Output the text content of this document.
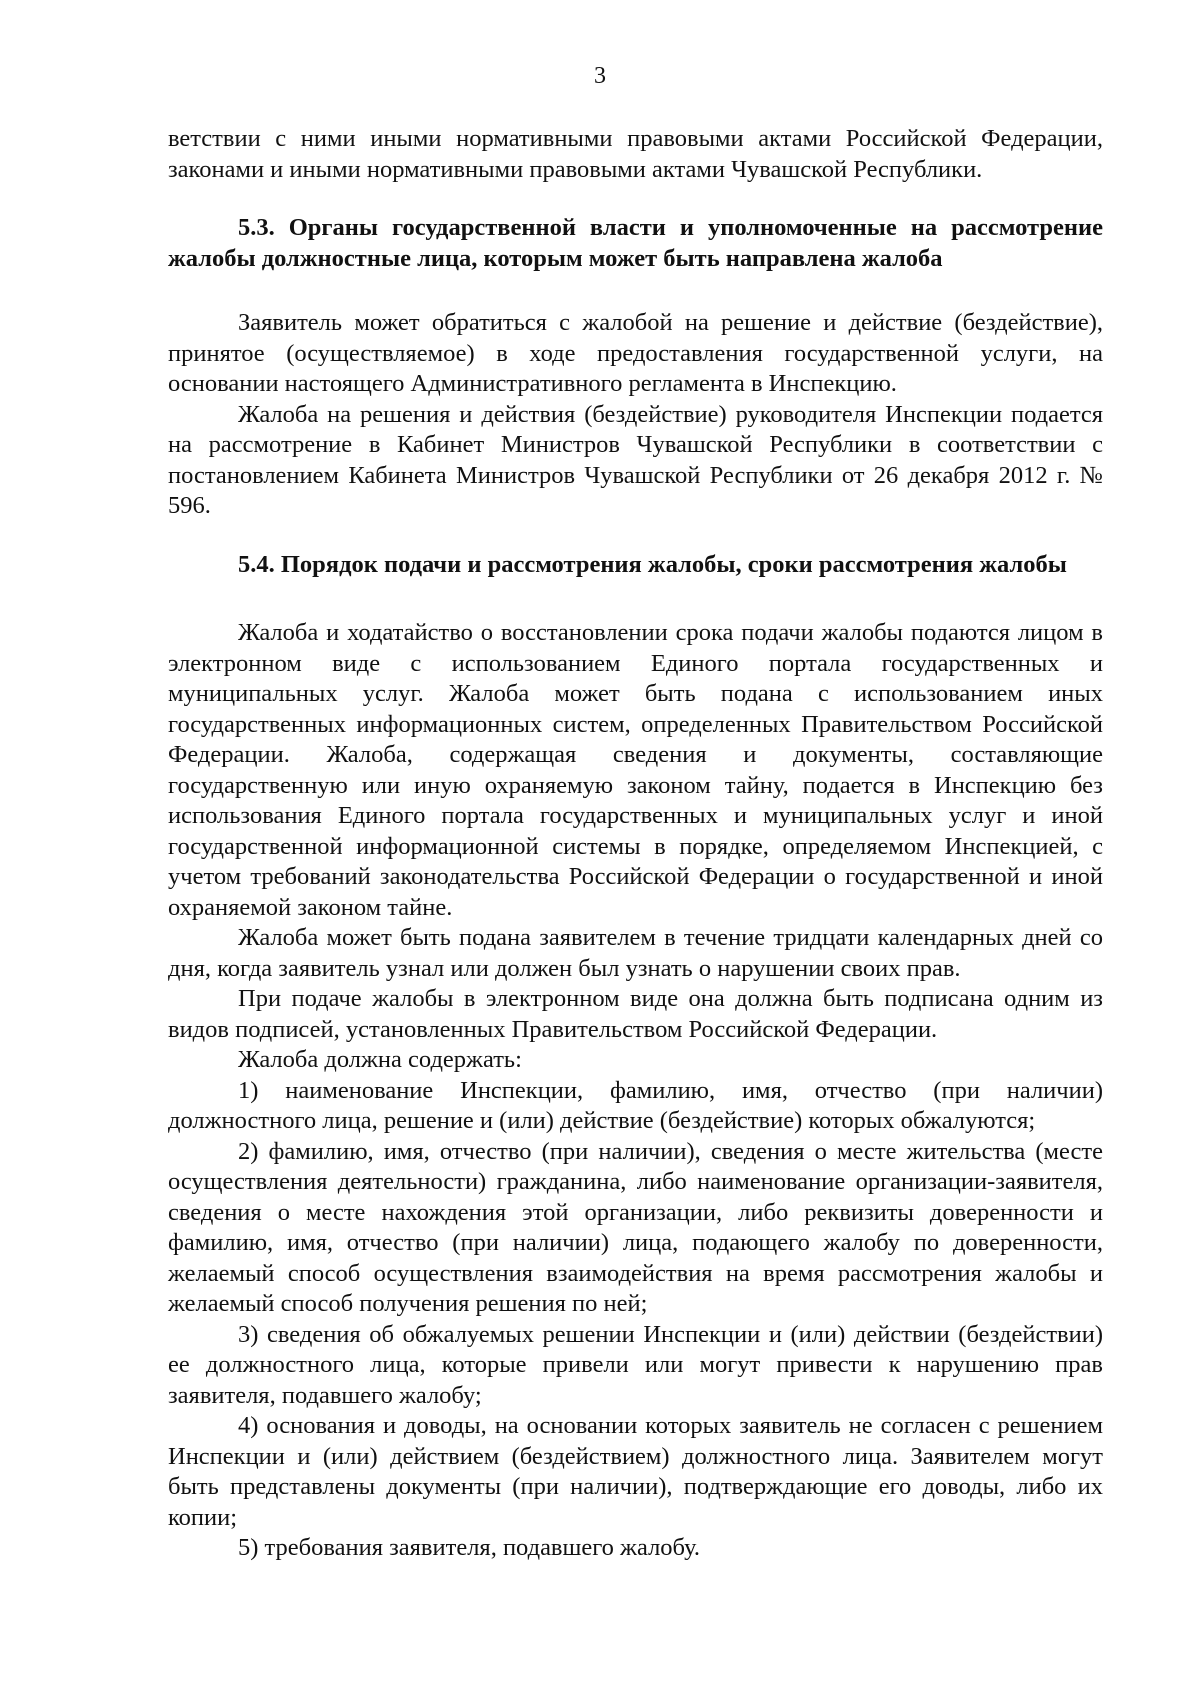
3

ветствии с ними иными нормативными правовыми актами Российской Федерации, законами и иными нормативными правовыми актами Чувашской Республики.

5.3. Органы государственной власти и уполномоченные на рассмотрение жалобы должностные лица, которым может быть направлена жалоба

Заявитель может обратиться с жалобой на решение и действие (бездействие), принятое (осуществляемое) в ходе предоставления государственной услуги, на основании настоящего Административного регламента в Инспекцию.

Жалоба на решения и действия (бездействие) руководителя Инспекции подается на рассмотрение в Кабинет Министров Чувашской Республики в соответствии с постановлением Кабинета Министров Чувашской Республики от 26 декабря 2012 г. № 596.

5.4. Порядок подачи и рассмотрения жалобы, сроки рассмотрения жалобы

Жалоба и ходатайство о восстановлении срока подачи жалобы подаются лицом в электронном виде с использованием Единого портала государственных и муниципальных услуг. Жалоба может быть подана с использованием иных государственных информационных систем, определенных Правительством Российской Федерации. Жалоба, содержащая сведения и документы, составляющие государственную или иную охраняемую законом тайну, подается в Инспекцию без использования Единого портала государственных и муниципальных услуг и иной государственной информационной системы в порядке, определяемом Инспекцией, с учетом требований законодательства Российской Федерации о государственной и иной охраняемой законом тайне.

Жалоба может быть подана заявителем в течение тридцати календарных дней со дня, когда заявитель узнал или должен был узнать о нарушении своих прав.

При подаче жалобы в электронном виде она должна быть подписана одним из видов подписей, установленных Правительством Российской Федерации.

Жалоба должна содержать:

1) наименование Инспекции, фамилию, имя, отчество (при наличии) должностного лица, решение и (или) действие (бездействие) которых обжалуются;

2) фамилию, имя, отчество (при наличии), сведения о месте жительства (месте осуществления деятельности) гражданина, либо наименование организации-заявителя, сведения о месте нахождения этой организации, либо реквизиты доверенности и фамилию, имя, отчество (при наличии) лица, подающего жалобу по доверенности, желаемый способ осуществления взаимодействия на время рассмотрения жалобы и желаемый способ получения решения по ней;

3) сведения об обжалуемых решении Инспекции и (или) действии (бездействии) ее должностного лица, которые привели или могут привести к нарушению прав заявителя, подавшего жалобу;

4) основания и доводы, на основании которых заявитель не согласен с решением Инспекции и (или) действием (бездействием) должностного лица. Заявителем могут быть представлены документы (при наличии), подтверждающие его доводы, либо их копии;

5) требования заявителя, подавшего жалобу.
